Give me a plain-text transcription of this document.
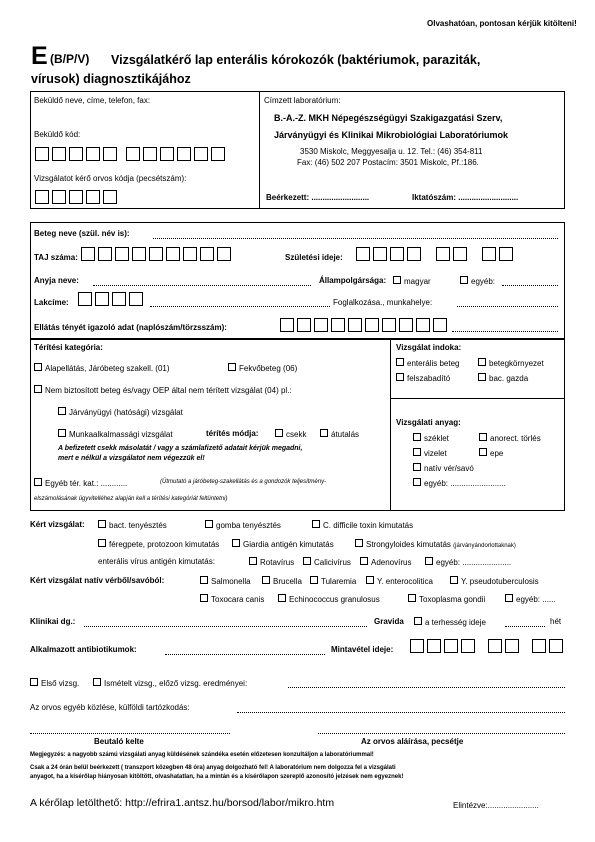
Olvashatóan, pontosan kérjük kitölteni!
E (B/P/V) Vizsgálatkérő lap enterális kórokozók (baktériumok, paraziták,
vírusok) diagnosztikájához
Beküldő neve, címe, telefon, fax:
Beküldő kód:
Vizsgálatot kérő orvos kódja (pecsétszám):
Címzett laboratórium:
B.-A.-Z. MKH Népegészségügyi Szakigazgatási Szerv,
Járványügyi és Klinikai Mikrobiológiai Laboratóriumok
3530 Miskolc, Meggyesalja u. 12. Tel.: (46) 354-811
Fax: (46) 502 207 Postacím: 3501 Miskolc, Pf.:186.
Beérkezett: ..........................	Iktatószám: ...........................
Beteg neve (szül. név is):
TAJ száma:	Születési ideje:
Anyja neve:	Állampolgársága:	magyar	egyéb:
Lakcíme:	Foglalkozása., munkahelye:
Ellátás tényét igazoló adat (naplószám/törzsszám):
Térítési kategória:
Alapellátás, Járóbeteg szakell. (01)	Fekvőbeteg (06)
Nem biztosított beteg és/vagy OEP által nem térített vizsgálat (04) pl.:
Járványügyi (hatósági) vizsgálat
Munkaalkalmassági vizsgálat	térítés módja:	csekk	átutalás
A befizetett csekk másolatát / vagy a számlafizető adatait kérjük megadni,
mert e nélkül a vizsgálatot nem végezzük el!
Egyéb tér. kat.: ............	(Útmutató a járóbeteg-szakellátás és a gondozók teljesítmény-
elszámolásának ügyvitelléhez alapján kell a térítési kategóriát feltüntetni)
Vizsgálat indoka:
enterális beteg	betegkörnyezet
felszabadító	bac. gazda
Vizsgálati anyag:
széklet	anorect. törlés
vizelet	epe
natív vér/savó
egyéb: .........................
Kért vizsgálat:	bact. tenyésztés	gomba tenyésztés	C. difficile toxin kimutatás
féregpete, protozoon kimutatás	Giardia antigén kimutatás	Strongyloides kimutatás (járványándorlottaknak)
enterális vírus antigén kimutatás:	Rotavírus	Calicivírus	Adenovírus	egyéb: ......................
Kért vizsgálat natív vérből/savóból:	Salmonella	Brucella	Tularemia	Y. enterocolitica	Y. pseudotuberculosis
Toxocara canis	Echinococcus granulosus	Toxoplasma gondii	egyéb: ......
Klinikai dg.:	Gravida	a terhesség ideje	hét
Alkalmazott antibiotikumok:	Mintavétel ideje:
Első vizsg.	Ismételt vizsg., előző vizsg. eredményei:
Az orvos egyéb közlése, külföldi tartózkodás:
Beutaló kelte	Az orvos aláírása, pecsétje
Megjegyzés: a nagyobb számú vizsgálati anyag küldésének szándéka esetén előzetesen konzultáljon a laboratóriummal!
Csak a 24 órán belül beérkezett ( transzport közegben 48 óra) anyag dolgozható fel! A laboratórium nem dolgozza fel a vizsgálati
anyagot, ha a kísérőlap hiányosan kitöltött, olvashatatlan, ha a mintán és a kísérőlapon szereplő azonosító jelzések nem egyeznek!
A kérőlap letölthető: http://efrira1.antsz.hu/borsod/labor/mikro.htm	Elintézve:.......................
